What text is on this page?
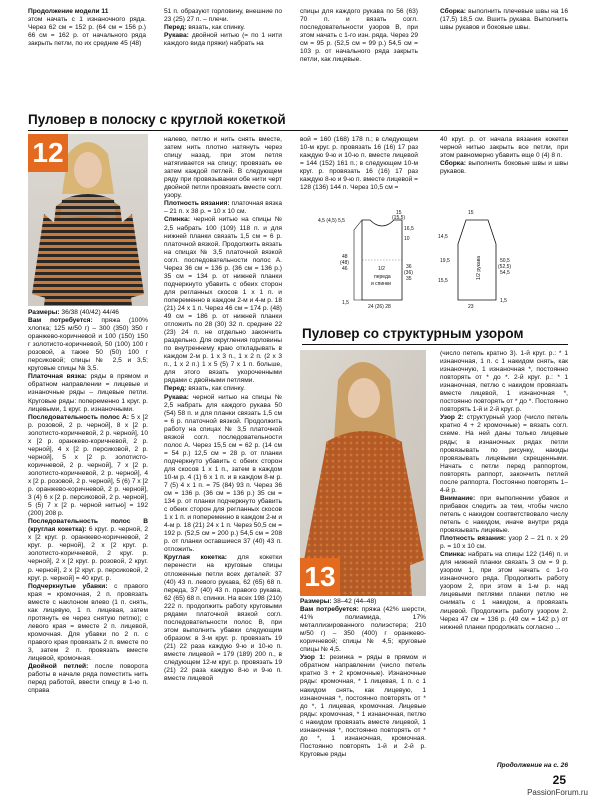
Продолжение модели 11

этом начать с 1 изнаночного ряда. Через 62 см = 152 р. (64 см = 156 р.) 66 см = 162 р. от начального ряда закрыть петли, по их средние 45 (48)

51 п. образуют горловину, внешние по 23 (25) 27 п. – плечи.

Перед: вязать, как спинку.

Рукава: двойной нитью (= по 1 нити каждого вида пряжи) набрать на

спицы для каждого рукава по 56 (63) 70 п. и вязать согл. последовательности узоров В, при этом начать с 1-го изн. ряда. Через 29 см = 95 р. (52,5 см = 99 р.) 54,5 см = 103 р. от начального ряда закрыть петли, как лицевые.

Сборка: выполнить плечевые швы на 16 (17,5) 18,5 см. Вшить рукава. Выполнить швы рукавов и боковые швы.

Пуловер в полоску с круглой кокеткой
12

Размеры: 36/38 (40/42) 44/46

Вам потребуется: пряжа (100% хлопка; 125 м/50 г) – 300 (350) 350 г оранжево-коричневой и 100 (150) 150 г золотисто-коричневой, 50 (100) 100 г розовой, а также 50 (50) 100 г персиковой; спицы № 2,5 и 3,5; круговые спицы № 3,5.

Платочная вязка: ряды в прямом и обратном направлении = лицевые и изнаночные ряды – лицевые петли. Круговые ряды: попеременно 1 круг. р. лицевыми, 1 круг. р. изнаночными.

Последовательность полос А: 5 х [2 р. розовой, 2 р. черной], 8 х [2 р. золотисто-коричневой, 2 р. черной], 10 х [2 р. оранжево-коричневой, 2 р. черной], 4 х [2 р. персиковой, 2 р. черной], 5 х [2 р. золотисто-коричневой, 2 р. черной], 7 х [2 р. золотисто-коричневой, 2 р. черной], 4 х [2 р. розовой, 2 р. черной], 5 (6) 7 х [2 р. оранжево-коричневой, 2 р. черной], 3 (4) 6 х [2 р. персиковой, 2 р. черной], 5 (5) 7 х [2 р. черной нитью] = 192 (200) 208 р.

Последовательность полос В (круглая кокетка): 6 круг. р. черной, 2 х [2 круг. р. оранжево-коричневой, 2 круг. р. черной], 2 х [2 круг. р. золотисто-коричневой, 2 круг. р. черной], 2 х [2 круг. р. розовой, 2 круг. р. черной], 2 х [2 круг. р. персиковой, 2 круг. р. черной] = 40 круг. р.

Подчеркнутые убавки: с правого края = кромочная, 2 п. провязать вместе с наклоном влево (1 п. снять, как лицевую, 1 п. лицевая, затем протянуть ее через снятую петлю); с левого края = вместе 2 п. лицевой, кромочная. Для убавки по 2 п. с правого края провязать 2 п. вместе по 3, затем 2 п. провязать вместе лицевой, кромочная.

Двойной петлей: после поворота работы в начале ряда поместить нить перед работой, ввести спицу в 1-ю п. справа

налево, петлю и нить снять вместе, затем нить плотно натянуть через спицу назад, при этом петля натягивается на спицу; провязать ее затем каждой петлей. В следующем ряду при провязывании обе нити черт двойной петли провязать вместе согл. узору.

Плотность вязания: платочная вязка – 21 п. х 38 р. = 10 х 10 см.

Спинка: черной нитью на спицы № 2,5 набрать 100 (109) 118 п. и для нижней планки связать 1,5 см = 6 р. платочной вязкой. Продолжить вязать на спицах № 3,5 платочной вязкой согл. последовательности полос А. Через 36 см = 136 р. (36 см = 136 р.) 35 см = 134 р. от нижней планки подчеркнуто убавить с обеих сторон для регланных скосов 1 х 1 п. и попеременно в каждом 2-м и 4-м р. 18 (21) 24 х 1 п. Через 46 см = 174 р. (48) 49 см = 186 р. от нижней планки отложить по 28 (30) 32 п. средние 22 (23) 24 п. не отдельно закончить раздельно. Для округления горловины по внутреннему краю откладывать в каждом 2-м р. 1 х 3 п., 1 х 2 п. (2 х 3 п., 1 х 2 п.) 1 х 5 (5) 7 х 1 п. больше, для этого вязать укороченными рядами с двойными петлями.

Перед: вязать, как спинку.

Рукава: черной нитью на спицы № 2,5 набрать для каждого рукава 50 (54) 58 п. и для планки связать 1,5 см = 6 р. платочной вязкой. Продолжить работу на спицах № 3,5 платочной вязкой согл. последовательности полос А. Через 15,5 см = 62 р. (14 см = 54 р.) 12,5 см = 28 р. от планки подчеркнуто убавить с обеих сторон для скосов 1 х 1 п., затем в каждом 10-м р. 4 (1) 6 х 1 п. и в каждом 8-м р. 7 (5) 4 х 1 п. = 75 (84) 93 п. Через 36 см = 136 р. (36 см = 136 р.) 35 см = 134 р. от планки подчеркнуто убавить с обеих сторон для регланных скосов 1 х 1 п. и попеременно в каждом 2-м и 4-м р. 18 (21) 24 х 1 п. Через 50,5 см = 192 р. (52,5 см = 200 р.) 54,5 см = 208 р. от планки оставшиеся 37 (40) 43 п. отложить.

Круглая кокетка: для кокетки перенести на круговые спицы отложенные петли всех деталей: 37 (40) 43 п. левого рукава, 62 (65) 68 п. переда, 37 (40) 43 п. правого рукава, 62 (65) 68 п. спинки. На всех 198 (210) 222 п. продолжить работу круговыми рядами платочной вязкой согл. последовательности полос В, при этом выполнить убавки следующим образом: в 3-м круг. р. провязать 19 (21) 22 раза каждую 9-ю и 10-ю п. вместе лицевой = 179 (189) 200 п., в следующем 12-м круг. р. провязать 19 (21) 22 раза каждую 8-ю и 9-ю п. вместе лицевой

вой = 160 (168) 178 п.; в следующем 10-м круг. р. провязать 16 (16) 17 раз каждую 9-ю и 10-ю п. вместе лицевой = 144 (152) 161 п.; в следующем 10-м круг. р. провязать 16 (16) 17 раз каждую 8-ю и 9-ю п. вместе лицевой = 128 (136) 144 п. Через 10,5 см =

40 круг. р. от начала вязания кокетки черной нитью закрыть все петли, при этом равномерно убавить еще 0 (4) 8 п.

Сборка: выполнить боковые швы и швы рукавов.

1/2
переда
и спинки
4,5 (4,5) 5,5
15
(15,5)
16,5
48
(48)
46
10
36
(36)
35
1,5
24 (26) 28
1/2 рукава
15
14,5
19,5
15,5
50,5
(52,5)
54,5
23
1,5
Пуловер со структурным узором
13

Размеры: 38–42 (44–48)

Вам потребуется: пряжа (42% шерсти, 41% полиамида, 17% металлизированного полиэстера; 210 м/50 г) – 350 (400) г оранжево-коричневой; спицы № 4,5; круговые спицы № 4,5.

Узор 1: резинка = ряды в прямом и обратном направлении (число петель кратно 3 + 2 кромочные). Изнаночные ряды: кромочная, * 1 лицевая, 1 п. с 1 накидом снять, как лицевую, 1 изнаночная *, постоянно повторять от * до *, 1 лицевая, кромочная. Лицевые ряды: кромочная, * 1 изнаночная, петлю с накидом провязать вместе лицевой, 1 изнаночная *, постоянно повторять от * до *, 1 изнаночная, кромочная. Постоянно повторять 1-й и 2-й р. Круговые ряды

(число петель кратно 3). 1-й круг. р.: * 1 изнаночная, 1 п. с 1 накидом снять, как изнаночную, 1 изнаночная *, постоянно повторять от * до *. 2-й круг. р.: * 1 изнаночная, петлю с накидом провязать вместе лицевой, 1 изнаночная *, постоянно повторять от * до *. Постоянно повторять 1-й и 2-й круг. р.

Узор 2: структурный узор (число петель кратно 4 + 2 кромочные) = вязать согл. схеме. На ней даны только лицевые ряды; в изнаночных рядах петли провязывать по рисунку, накиды провязывать лицевыми скрещенными. Начать с петли перед раппортом, повторять раппорт, закончить петлей после раппорта. Постоянно повторять 1–4-й р.

Внимание: при выполнении убавок и прибавок следить за тем, чтобы число петель с накидом соответствовало числу петель с накидом, иначе внутри ряда провязывать лицевые.

Плотность вязания: узор 2 – 21 п. х 29 р. = 10 х 10 см.

Спинка: набрать на спицы 122 (146) п. и для нижней планки связать 3 см = 9 р. узором 1, при этом начать с 1-го изнаночного ряда. Продолжить работу узором 2, при этом в 1-м р. над лицевыми петлями планки петлю не снимать с 1 накидом, а провязать лицевой. Продолжить работу узором 2. Через 47 см = 136 р. (49 см = 142 р.) от нижней планки продолжать согласно ...

Продолжение на с. 26
25
PassionForum.ru
